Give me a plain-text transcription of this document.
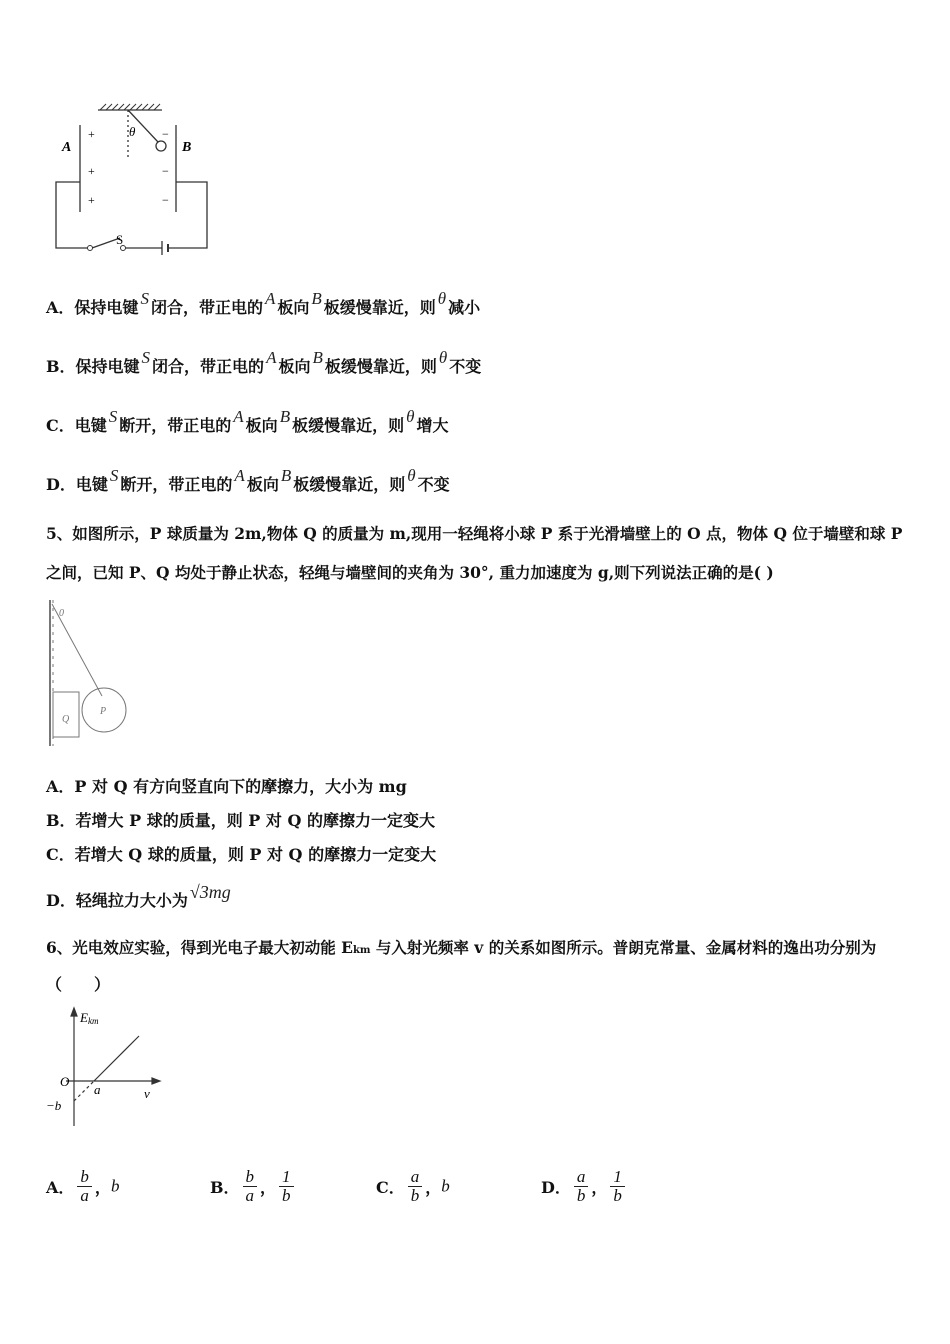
A	B
θ
S
+
+
+
−
−
−
A．保持电键 S 闭合，带正电的 A 板向 B 板缓慢靠近，则 θ 减小
B．保持电键 S 闭合，带正电的 A 板向 B 板缓慢靠近，则 θ 不变
C．电键 S 断开，带正电的 A 板向 B 板缓慢靠近，则 θ 增大
D．电键 S 断开，带正电的 A 板向 B 板缓慢靠近，则 θ 不变
5、如图所示，P 球质量为 2m,物体 Q 的质量为 m,现用一轻绳将小球 P 系于光滑墙壁上的 O 点，物体 Q 位于墙壁和球 P
之间，已知 P、Q 均处于静止状态，轻绳与墙壁间的夹角为 30°, 重力加速度为 g,则下列说法正确的是( )
0
Q
P
A．P 对 Q 有方向竖直向下的摩擦力，大小为 mg
B．若增大 P 球的质量，则 P 对 Q 的摩擦力一定变大
C．若增大 Q 球的质量，则 P 对 Q 的摩擦力一定变大
D．轻绳拉力大小为 √3mg
6、光电效应实验，得到光电子最大初动能 Ekm 与入射光频率 v 的关系如图所示。普朗克常量、金属材料的逸出功分别为
（　　）
Ekm
O
v
a
−b
A． $\frac{b}{a}$ ，b	B． $\frac{b}{a}$ ， $\frac{1}{b}$	C． $\frac{a}{b}$ ，b	D． $\frac{a}{b}$ ， $\frac{1}{b}$
